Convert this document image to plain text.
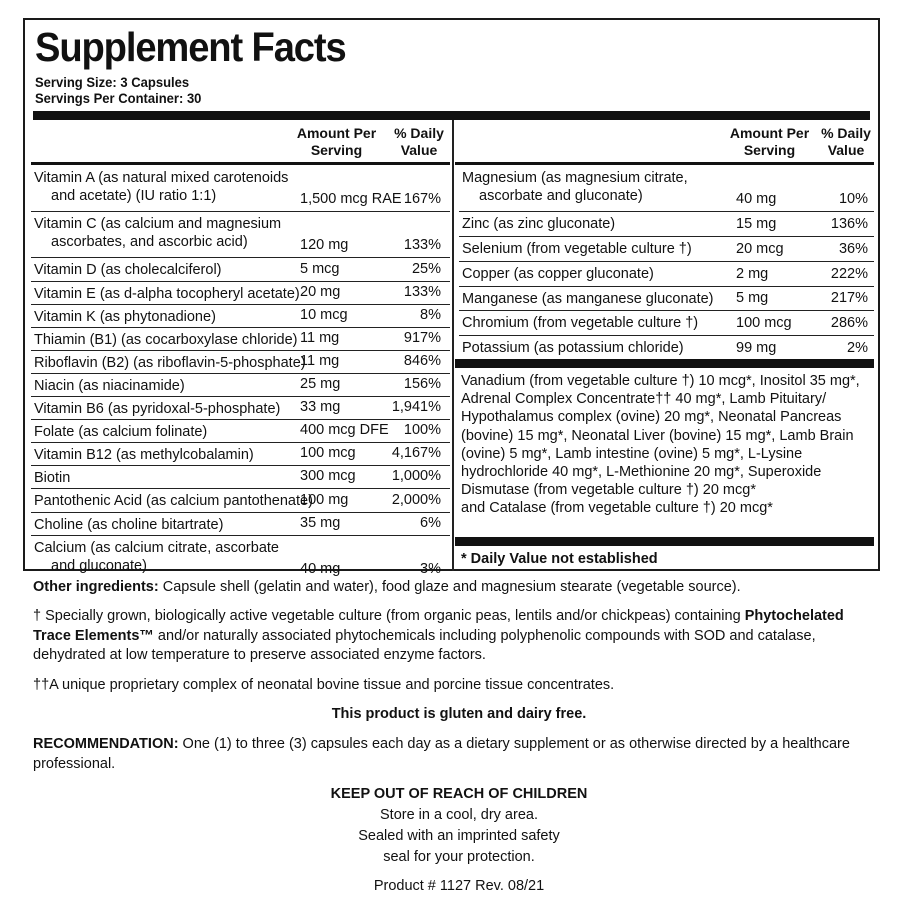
Supplement Facts
Serving Size: 3 Capsules
Servings Per Container: 30
Amount Per
Serving
% Daily
Value
Amount Per
Serving
% Daily
Value
Vitamin A (as natural mixed carotenoids
and acetate) (IU ratio 1:1)	1,500 mcg RAE 167%
Vitamin C (as calcium and magnesium
ascorbates, and ascorbic acid)	120 mg	133%
Vitamin D (as cholecalciferol)	5 mcg	25%
Vitamin E (as d-alpha tocopheryl acetate) 20 mg	133%
Vitamin K (as phytonadione)	10 mcg	8%
Thiamin (B1) (as cocarboxylase chloride) 11 mg	917%
Riboflavin (B2) (as riboflavin-5-phosphate)
11 mg	846%
Niacin (as niacinamide)	25 mg	156%
Vitamin B6 (as pyridoxal-5-phosphate) 33 mg	1,941%
Folate (as calcium folinate)	400 mcg DFE	100%
Vitamin B12 (as methylcobalamin)	100 mcg	4,167%
Biotin	300 mcg	1,000%
Pantothenic Acid (as calcium pantothenate)
100 mg	2,000%
Choline (as choline bitartrate)	35 mg	6%
Calcium (as calcium citrate, ascorbate
and gluconate)	40 mg	3%
Magnesium (as magnesium citrate,
ascorbate and gluconate)	40 mg	10%
Zinc (as zinc gluconate)	15 mg	136%
Selenium (from vegetable culture †)	20 mcg	36%
Copper (as copper gluconate)	2 mg	222%
Manganese (as manganese gluconate) 5 mg	217%
Chromium (from vegetable culture †)	100 mcg	286%
Potassium (as potassium chloride)	99 mg	2%
Vanadium (from vegetable culture †) 10 mcg*, Inositol 35 mg*,
Adrenal Complex Concentrate†† 40 mg*, Lamb Pituitary/
Hypothalamus complex (ovine) 20 mg*, Neonatal Pancreas
(bovine) 15 mg*, Neonatal Liver (bovine) 15 mg*, Lamb Brain
(ovine) 5 mg*, Lamb intestine (ovine) 5 mg*, L-Lysine
hydrochloride 40 mg*, L-Methionine 20 mg*, Superoxide
Dismutase (from vegetable culture †) 20 mcg*
and Catalase (from vegetable culture †) 20 mcg*
* Daily Value not established
Other ingredients: Capsule shell (gelatin and water), food glaze and magnesium stearate (vegetable source).
† Specially grown, biologically active vegetable culture (from organic peas, lentils and/or chickpeas) containing Phytochelated Trace Elements™ and/or naturally associated phytochemicals including polyphenolic compounds with SOD and catalase, dehydrated at low temperature to preserve associated enzyme factors.
††A unique proprietary complex of neonatal bovine tissue and porcine tissue concentrates.
This product is gluten and dairy free.
RECOMMENDATION: One (1) to three (3) capsules each day as a dietary supplement or as otherwise directed by a healthcare professional.
KEEP OUT OF REACH OF CHILDREN
Store in a cool, dry area.
Sealed with an imprinted safety
seal for your protection.
Product # 1127 Rev. 08/21
